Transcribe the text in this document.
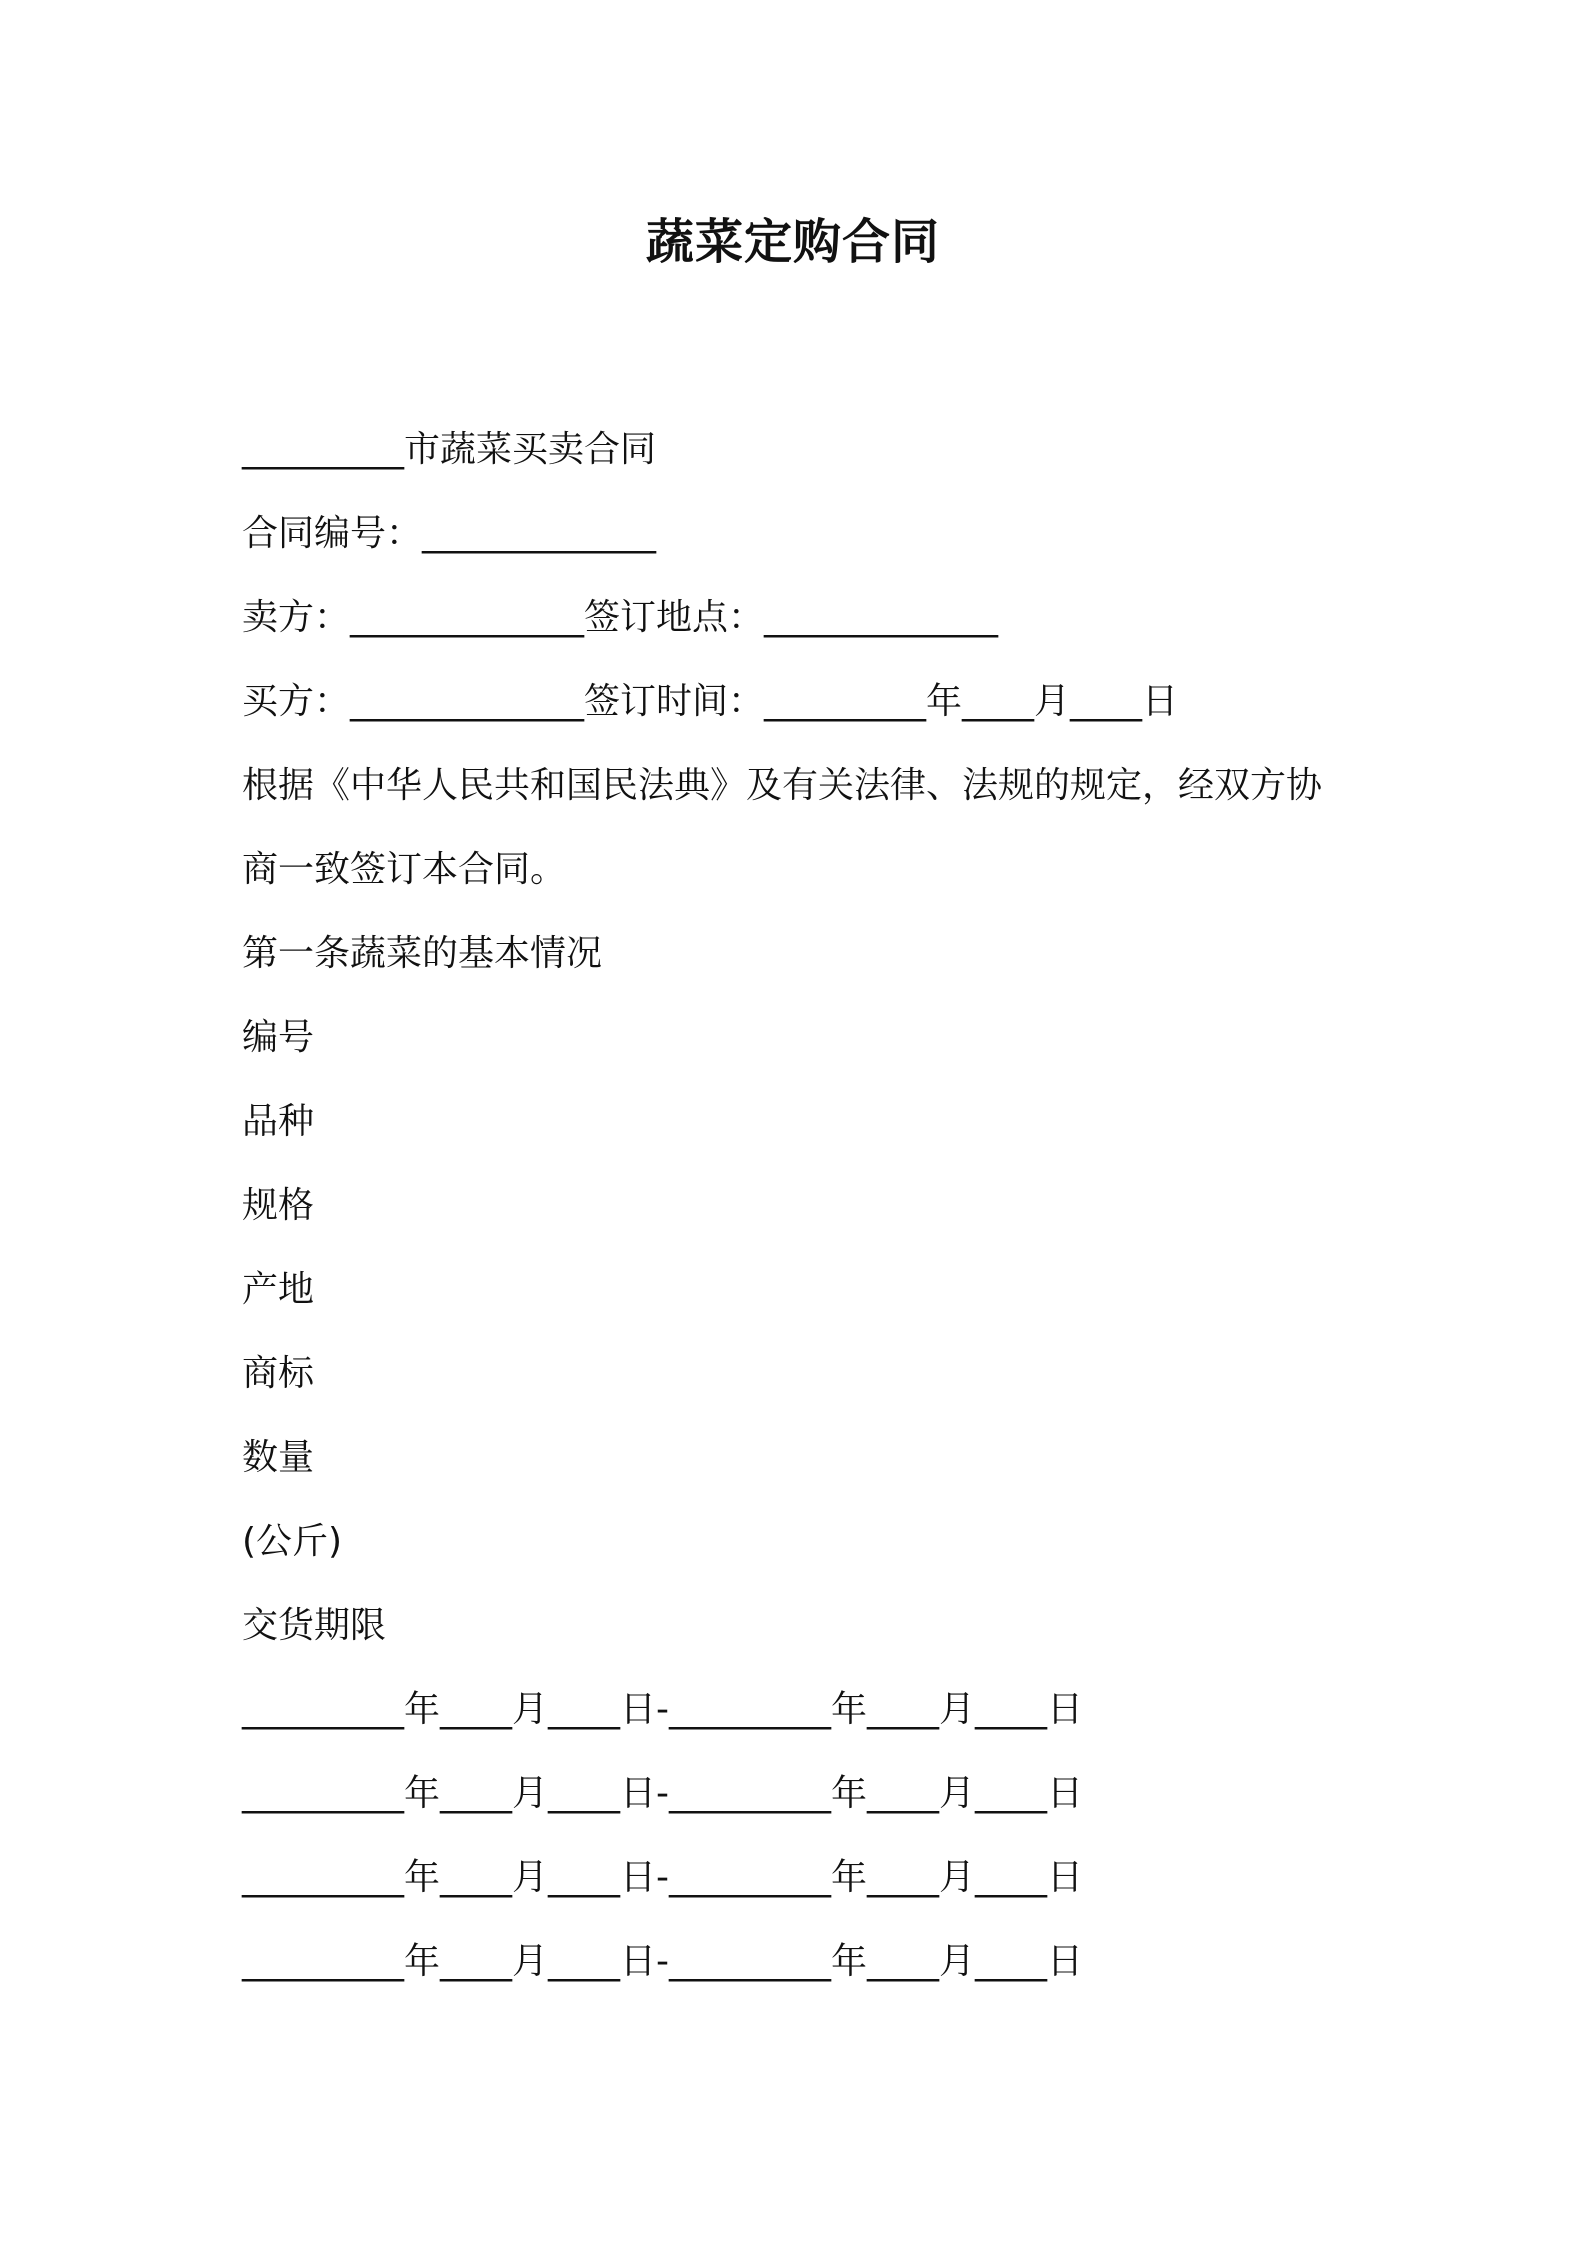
蔬菜定购合同
_________市蔬菜买卖合同
合同编号：_____________
卖方：_____________签订地点：_____________
买方：_____________签订时间：_________年____月____日
根据《中华人民共和国民法典》及有关法律、法规的规定，经双方协
商一致签订本合同。
第一条蔬菜的基本情况
编号
品种
规格
产地
商标
数量
(公斤)
交货期限
_________年____月____日-_________年____月____日
_________年____月____日-_________年____月____日
_________年____月____日-_________年____月____日
_________年____月____日-_________年____月____日
